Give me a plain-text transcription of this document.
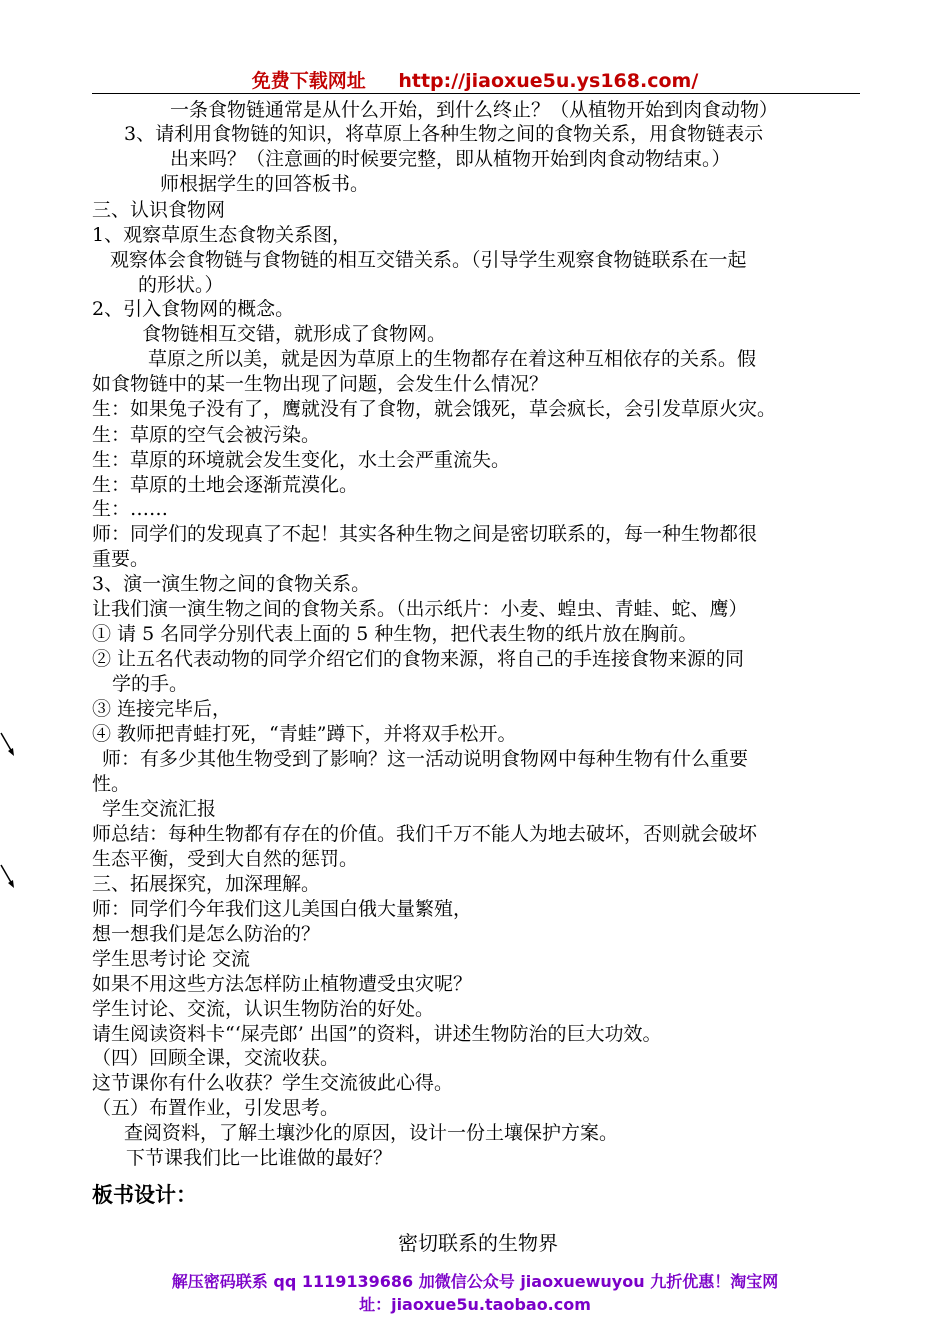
免费下载网址 http://jiaoxue5u.ys168.com/
一条食物链通常是从什么开始，到什么终止？（从植物开始到肉食动物）
3、请利用食物链的知识，将草原上各种生物之间的食物关系，用食物链表示
出来吗？（注意画的时候要完整，即从植物开始到肉食动物结束。）
师根据学生的回答板书。
三、认识食物网
1、观察草原生态食物关系图，
观察体会食物链与食物链的相互交错关系。（引导学生观察食物链联系在一起
的形状。）
2、引入食物网的概念。
食物链相互交错，就形成了食物网。
草原之所以美，就是因为草原上的生物都存在着这种互相依存的关系。假
如食物链中的某一生物出现了问题，会发生什么情况？
生：如果兔子没有了，鹰就没有了食物，就会饿死，草会疯长，会引发草原火灾。
生：草原的空气会被污染。
生：草原的环境就会发生变化，水土会严重流失。
生：草原的土地会逐渐荒漠化。
生：……
师：同学们的发现真了不起！其实各种生物之间是密切联系的，每一种生物都很
重要。
3、演一演生物之间的食物关系。
让我们演一演生物之间的食物关系。（出示纸片：小麦、蝗虫、青蛙、蛇、鹰）
① 请 5 名同学分别代表上面的 5 种生物，把代表生物的纸片放在胸前。
② 让五名代表动物的同学介绍它们的食物来源，将自己的手连接食物来源的同
学的手。
③ 连接完毕后，
④ 教师把青蛙打死，“青蛙”蹲下，并将双手松开。
师：有多少其他生物受到了影响？这一活动说明食物网中每种生物有什么重要
性。
学生交流汇报
师总结：每种生物都有存在的价值。我们千万不能人为地去破坏，否则就会破坏
生态平衡，受到大自然的惩罚。
三、拓展探究，加深理解。
师：同学们今年我们这儿美国白俄大量繁殖，
想一想我们是怎么防治的？
学生思考讨论 交流
如果不用这些方法怎样防止植物遭受虫灾呢？
学生讨论、交流，认识生物防治的好处。
请生阅读资料卡“‘屎壳郎’ 出国”的资料，讲述生物防治的巨大功效。
（四）回顾全课，交流收获。
这节课你有什么收获？学生交流彼此心得。
（五）布置作业，引发思考。
查阅资料，了解土壤沙化的原因，设计一份土壤保护方案。
下节课我们比一比谁做的最好？
板书设计：
密切联系的生物界
解压密码联系 qq 1119139686 加微信公众号 jiaoxuewuyou 九折优惠！淘宝网
址：jiaoxue5u.taobao.com
